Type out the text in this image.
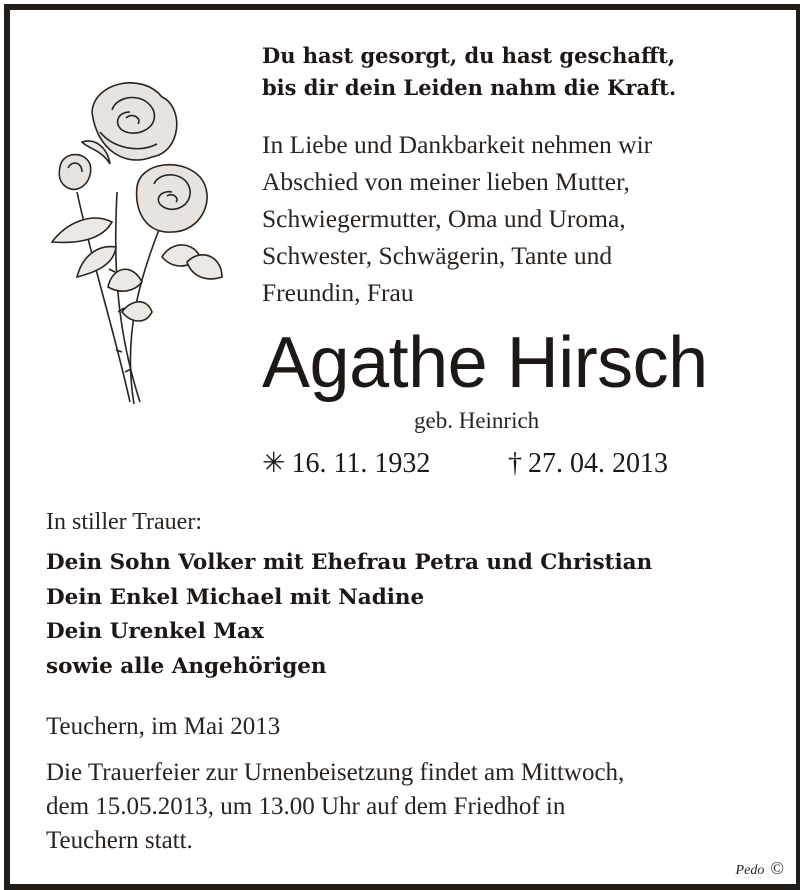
Du hast gesorgt, du hast geschafft,
bis dir dein Leiden nahm die Kraft.
In Liebe und Dankbarkeit nehmen wir
Abschied von meiner lieben Mutter,
Schwiegermutter, Oma und Uroma,
Schwester, Schwägerin, Tante und
Freundin, Frau
Agathe Hirsch
geb. Heinrich
✳ 16. 11. 1932	† 27. 04. 2013
In stiller Trauer:
Dein Sohn Volker mit Ehefrau Petra und Christian
Dein Enkel Michael mit Nadine
Dein Urenkel Max
sowie alle Angehörigen
Teuchern, im Mai 2013
Die Trauerfeier zur Urnenbeisetzung findet am Mittwoch,
dem 15.05.2013, um 13.00 Uhr auf dem Friedhof in
Teuchern statt.
Pedo ©
